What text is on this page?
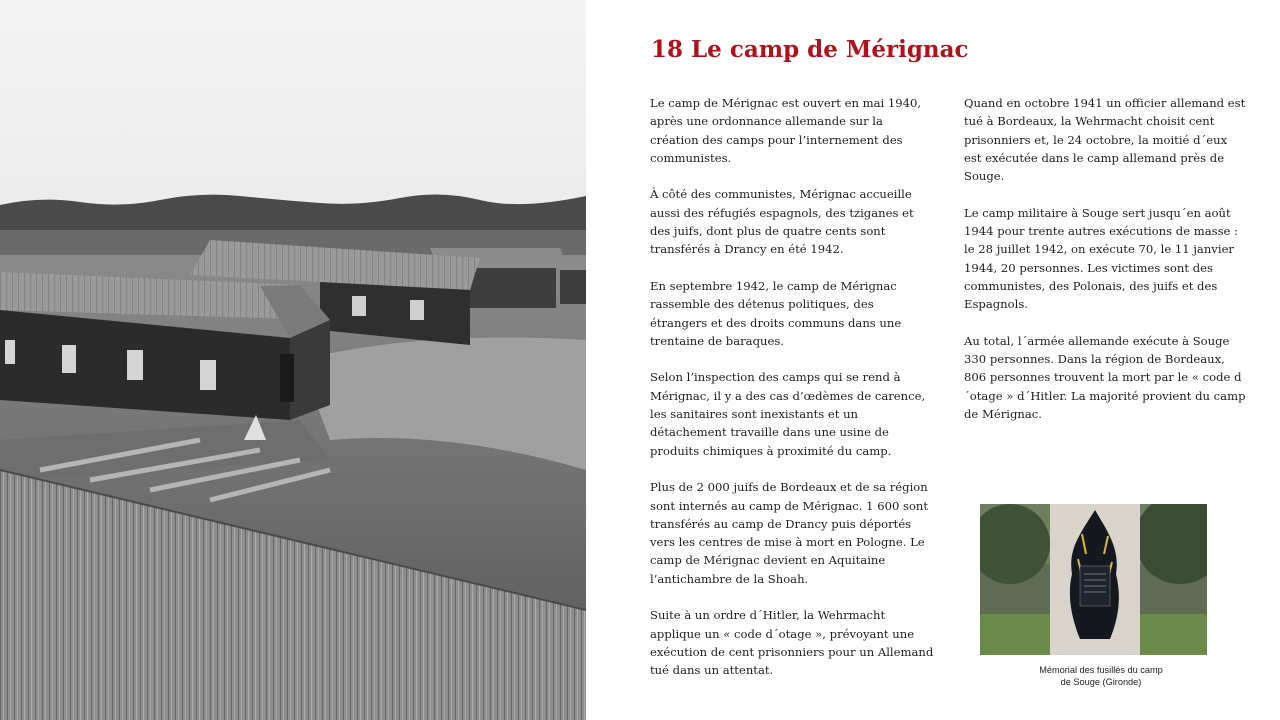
18 Le camp de Mérignac

Le camp de Mérignac est ouvert en mai 1940, après une ordonnance allemande sur la création des camps pour l’internement des communistes.

À côté des communistes, Mérignac accueille aussi des réfugiés espagnols, des tziganes et des juifs, dont plus de quatre cents sont transférés à Drancy en été 1942.

En septembre 1942, le camp de Mérignac rassemble des détenus politiques, des étrangers et des droits communs dans une trentaine de baraques.

Selon l’inspection des camps qui se rend à Mérignac, il y a des cas d’œdèmes de carence, les sanitaires sont inexistants et un détachement travaille dans une usine de produits chimiques à proximité du camp.

Plus de 2 000 juifs de Bordeaux et de sa région sont internés au camp de Mérignac. 1 600 sont transférés au camp de Drancy puis déportés vers les centres de mise à mort en Pologne. Le camp de Mérignac devient en Aquitaine l’antichambre de la Shoah.

Suite à un ordre d´Hitler, la Wehrmacht applique un « code d´otage », prévoyant une exécution de cent prisonniers pour un Allemand tué dans un attentat.

Quand en octobre 1941 un officier allemand est tué à Bordeaux, la Wehrmacht choisit cent prisonniers et, le 24 octobre, la moitié d´eux est exécutée dans le camp allemand près de Souge.

Le camp militaire à Souge sert jusqu´en août 1944 pour trente autres exécutions de masse : le 28 juillet 1942, on exécute 70, le 11 janvier 1944, 20 personnes. Les victimes sont des communistes, des Polonais, des juifs et des Espagnols.

Au total, l´armée allemande exécute à Souge 330 personnes. Dans la région de Bordeaux, 806 personnes trouvent la mort par le « code d´otage » d´Hitler. La majorité provient du camp de Mérignac.

Mémorial des fusillés du camp
de Souge (Gironde)
